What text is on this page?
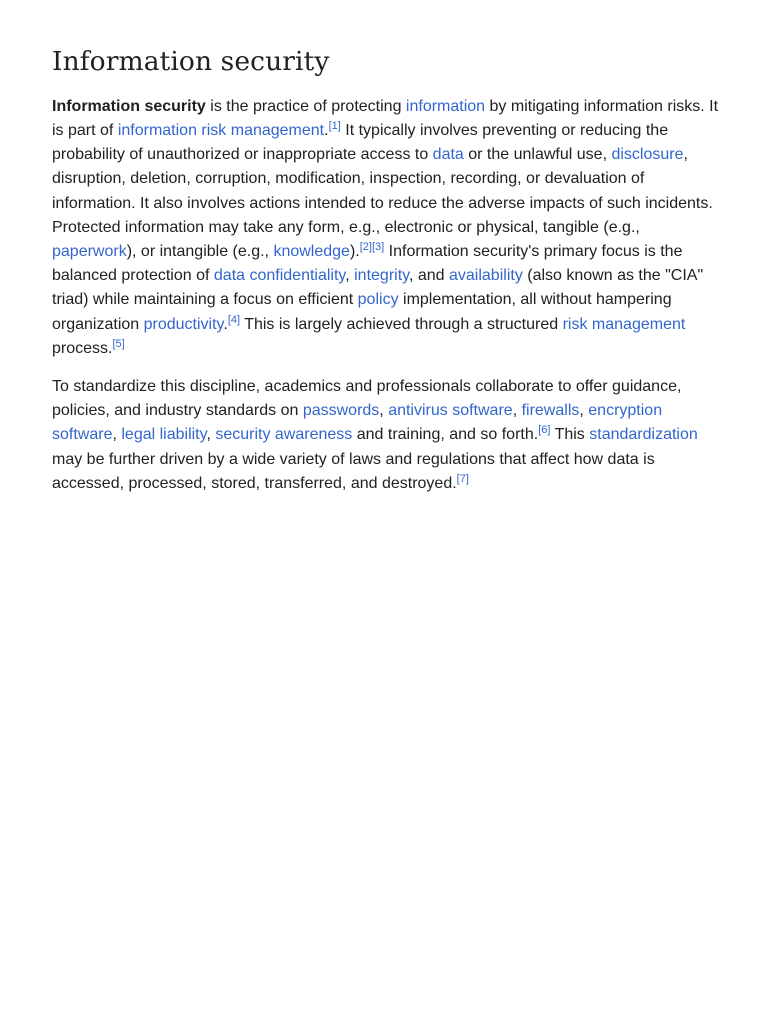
Information security

Information security is the practice of protecting information by mitigating information risks. It is part of information risk management.[1] It typically involves preventing or reducing the probability of unauthorized or inappropriate access to data or the unlawful use, disclosure, disruption, deletion, corruption, modification, inspection, recording, or devaluation of information. It also involves actions intended to reduce the adverse impacts of such incidents. Protected information may take any form, e.g., electronic or physical, tangible (e.g., paperwork), or intangible (e.g., knowledge).[2][3] Information security's primary focus is the balanced protection of data confidentiality, integrity, and availability (also known as the "CIA" triad) while maintaining a focus on efficient policy implementation, all without hampering organization productivity.[4] This is largely achieved through a structured risk management process.[5]

To standardize this discipline, academics and professionals collaborate to offer guidance, policies, and industry standards on passwords, antivirus software, firewalls, encryption software, legal liability, security awareness and training, and so forth.[6] This standardization may be further driven by a wide variety of laws and regulations that affect how data is accessed, processed, stored, transferred, and destroyed.[7]
